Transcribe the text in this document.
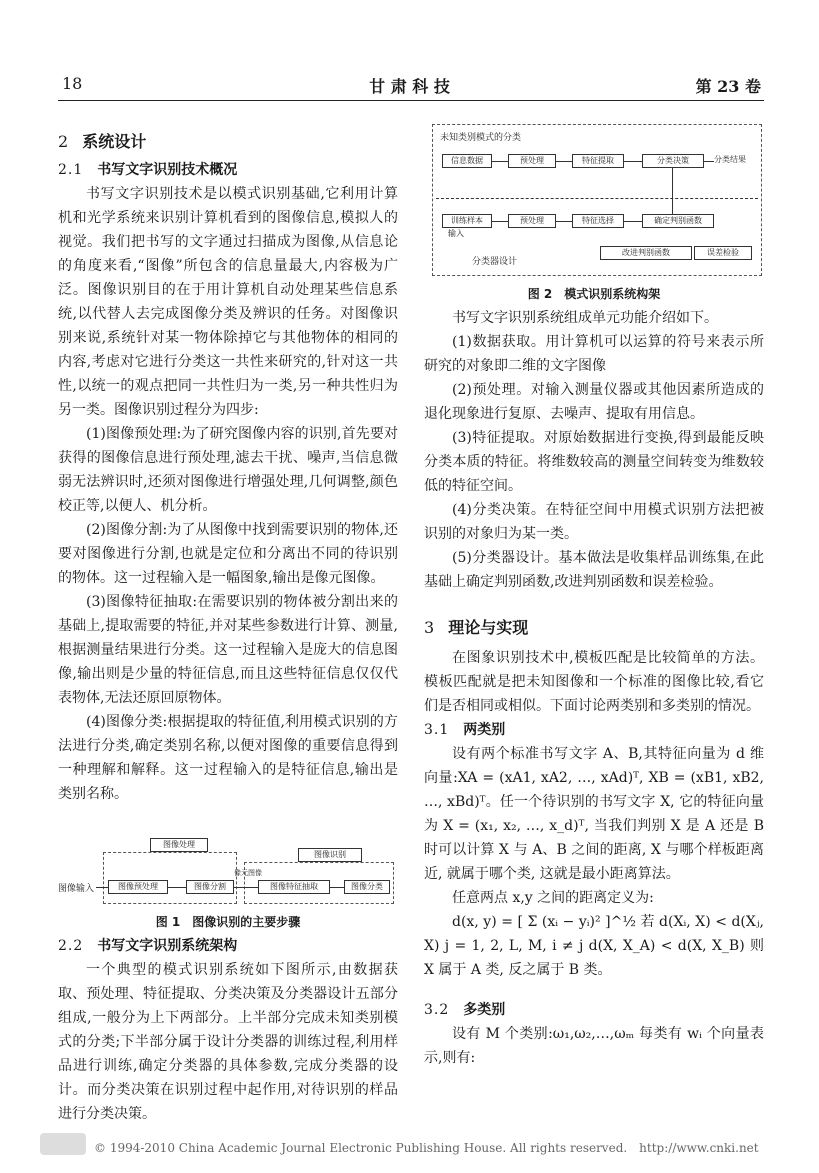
18	甘 肃 科 技	第 23 卷

2 系统设计

2.1 书写文字识别技术概况

书写文字识别技术是以模式识别基础,它利用计算机和光学系统来识别计算机看到的图像信息,模拟人的视觉。我们把书写的文字通过扫描成为图像,从信息论的角度来看,“图像”所包含的信息量最大,内容极为广泛。图像识别目的在于用计算机自动处理某些信息系统,以代替人去完成图像分类及辨识的任务。对图像识别来说,系统针对某一物体除掉它与其他物体的相同的内容,考虑对它进行分类这一共性来研究的,针对这一共性,以统一的观点把同一共性归为一类,另一种共性归为另一类。图像识别过程分为四步:

(1)图像预处理:为了研究图像内容的识别,首先要对获得的图像信息进行预处理,滤去干扰、噪声,当信息微弱无法辨识时,还须对图像进行增强处理,几何调整,颜色校正等,以便人、机分析。

(2)图像分割:为了从图像中找到需要识别的物体,还要对图像进行分割,也就是定位和分离出不同的待识别的物体。这一过程输入是一幅图象,输出是像元图像。

(3)图像特征抽取:在需要识别的物体被分割出来的基础上,提取需要的特征,并对某些参数进行计算、测量,根据测量结果进行分类。这一过程输入是庞大的信息图像,输出则是少量的特征信息,而且这些特征信息仅仅代表物体,无法还原回原物体。

(4)图像分类:根据提取的特征值,利用模式识别的方法进行分类,确定类别名称,以便对图像的重要信息得到一种理解和解释。这一过程输入的是特征信息,输出是类别名称。

图像处理
图像识别
图像输入	图像预处理	图像分割
像元图像
图像特征抽取	图像分类

图 1　图像识别的主要步骤

2.2 书写文字识别系统架构

一个典型的模式识别系统如下图所示,由数据获取、预处理、特征提取、分类决策及分类器设计五部分组成,一般分为上下两部分。上半部分完成未知类别模式的分类;下半部分属于设计分类器的训练过程,利用样品进行训练,确定分类器的具体参数,完成分类器的设计。而分类决策在识别过程中起作用,对待识别的样品进行分类决策。

未知类别模式的分类
信息数据	预处理	特征提取	分类决策	分类结果
训练样本
输入
预处理	特征选择	确定判别函数
改进判别函数	误差检验
分类器设计

图 2　模式识别系统构架

书写文字识别系统组成单元功能介绍如下。

(1)数据获取。用计算机可以运算的符号来表示所研究的对象即二维的文字图像

(2)预处理。对输入测量仪器或其他因素所造成的退化现象进行复原、去噪声、提取有用信息。

(3)特征提取。对原始数据进行变换,得到最能反映分类本质的特征。将维数较高的测量空间转变为维数较低的特征空间。

(4)分类决策。在特征空间中用模式识别方法把被识别的对象归为某一类。

(5)分类器设计。基本做法是收集样品训练集,在此基础上确定判别函数,改进判别函数和误差检验。

3 理论与实现

在图象识别技术中,模板匹配是比较简单的方法。模板匹配就是把未知图像和一个标准的图像比较,看它们是否相同或相似。下面讨论两类别和多类别的情况。

3.1 两类别

设有两个标准书写文字 A、B,其特征向量为 d 维向量:XA = (xA1, xA2, …, xAd)ᵀ, XB = (xB1, xB2, …, xBd)ᵀ。任一个待识别的书写文字 X, 它的特征向量为 X = (x₁, x₂, …, x_d)ᵀ, 当我们判别 X 是 A 还是 B 时可以计算 X 与 A、B 之间的距离, X 与哪个样板距离近, 就属于哪个类, 这就是最小距离算法。

任意两点 x,y 之间的距离定义为:

d(x, y) = [ Σ (xᵢ − yᵢ)² ]^½ 若 d(Xᵢ, X) < d(Xⱼ, X) j = 1, 2, L, M, i ≠ j d(X, X_A) < d(X, X_B) 则 X 属于 A 类, 反之属于 B 类。

3.2 多类别

设有 M 个类别:ω₁,ω₂,…,ωₘ 每类有 wᵢ 个向量表示,则有:

© 1994-2010 China Academic Journal Electronic Publishing House. All rights reserved.　http://www.cnki.net
